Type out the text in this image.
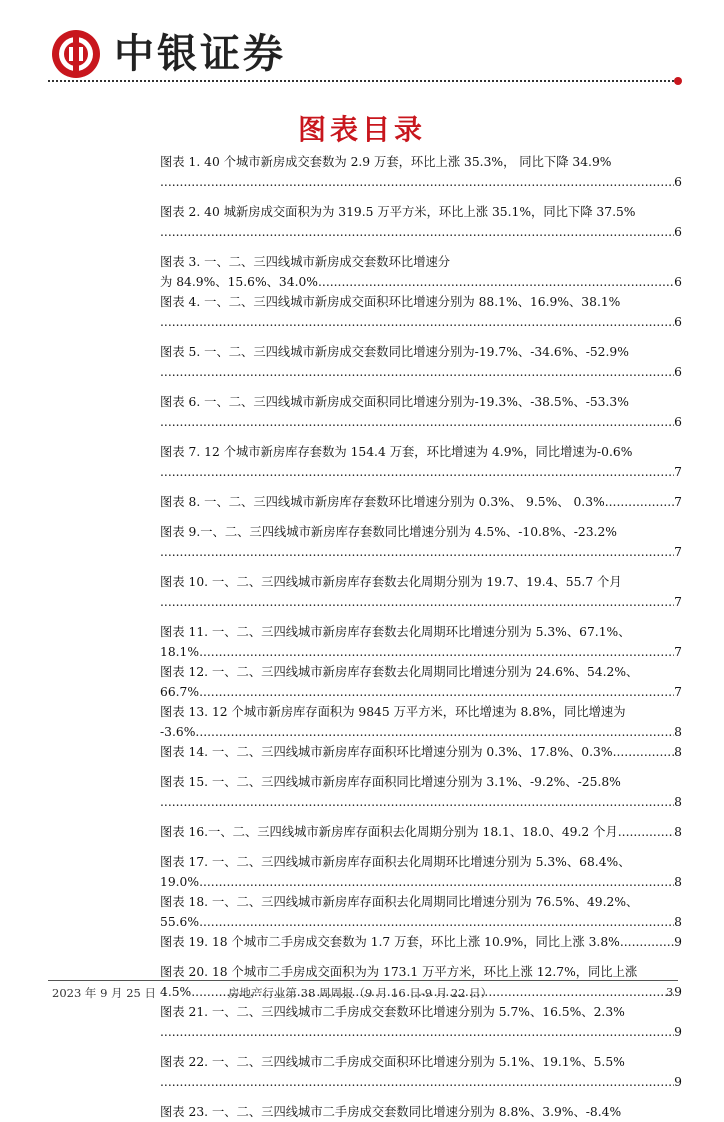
中银证券
图表目录
图表 1. 40 个城市新房成交套数为 2.9 万套，环比上涨 35.3%， 同比下降 34.9%
.....
6
图表 2. 40 城新房成交面积为为 319.5 万平方米，环比上涨 35.1%，同比下降 37.5%
.....
6
图表 3. 一、二、三四线城市新房成交套数环比增速分
为 84.9%、15.6%、34.0% .....	6
图表 4. 一、二、三四线城市新房成交面积环比增速分别为 88.1%、16.9%、38.1%
.....
6
图表 5. 一、二、三四线城市新房成交套数同比增速分别为-19.7%、-34.6%、-52.9%
.....
6
图表 6. 一、二、三四线城市新房成交面积同比增速分别为-19.3%、-38.5%、-53.3%
.....
6
图表 7. 12 个城市新房库存套数为 154.4 万套，环比增速为 4.9%，同比增速为-0.6%
.....
7
图表 8. 一、二、三四线城市新房库存套数环比增速分别为 0.3%、 9.5%、 0.3% .....	7
图表 9.一、二、三四线城市新房库存套数同比增速分别为 4.5%、-10.8%、-23.2%
.....
7
图表 10. 一、二、三四线城市新房库存套数去化周期分别为 19.7、19.4、55.7 个月
.....
7
图表 11. 一、二、三四线城市新房库存套数去化周期环比增速分别为 5.3%、67.1%、
18.1% .....	7
图表 12. 一、二、三四线城市新房库存套数去化周期同比增速分别为 24.6%、54.2%、
66.7% .....	7
图表 13. 12 个城市新房库存面积为 9845 万平方米，环比增速为 8.8%，同比增速为
-3.6% .....	8
图表 14. 一、二、三四线城市新房库存面积环比增速分别为 0.3%、17.8%、0.3% .....	8
图表 15. 一、二、三四线城市新房库存面积同比增速分别为 3.1%、-9.2%、-25.8%
.....
8
图表 16.一、二、三四线城市新房库存面积去化周期分别为 18.1、18.0、49.2 个月 .....	8
图表 17. 一、二、三四线城市新房库存面积去化周期环比增速分别为 5.3%、68.4%、
19.0% .....	8
图表 18. 一、二、三四线城市新房库存面积去化周期同比增速分别为 76.5%、49.2%、
55.6% .....	8
图表 19. 18 个城市二手房成交套数为 1.7 万套，环比上涨 10.9%，同比上涨 3.8% .....	9
图表 20. 18 个城市二手房成交面积为为 173.1 万平方米，环比上涨 12.7%，同比上涨
4.5% .....	9
图表 21. 一、二、三四线城市二手房成交套数环比增速分别为 5.7%、16.5%、2.3%
.....
9
图表 22. 一、二、三四线城市二手房成交面积环比增速分别为 5.1%、19.1%、5.5%
.....
9
图表 23. 一、二、三四线城市二手房成交套数同比增速分别为 8.8%、3.9%、-8.4%
2023 年 9 月 25 日	房地产行业第 38 周周报（9 月 16 日-9 月 22 日）	3
